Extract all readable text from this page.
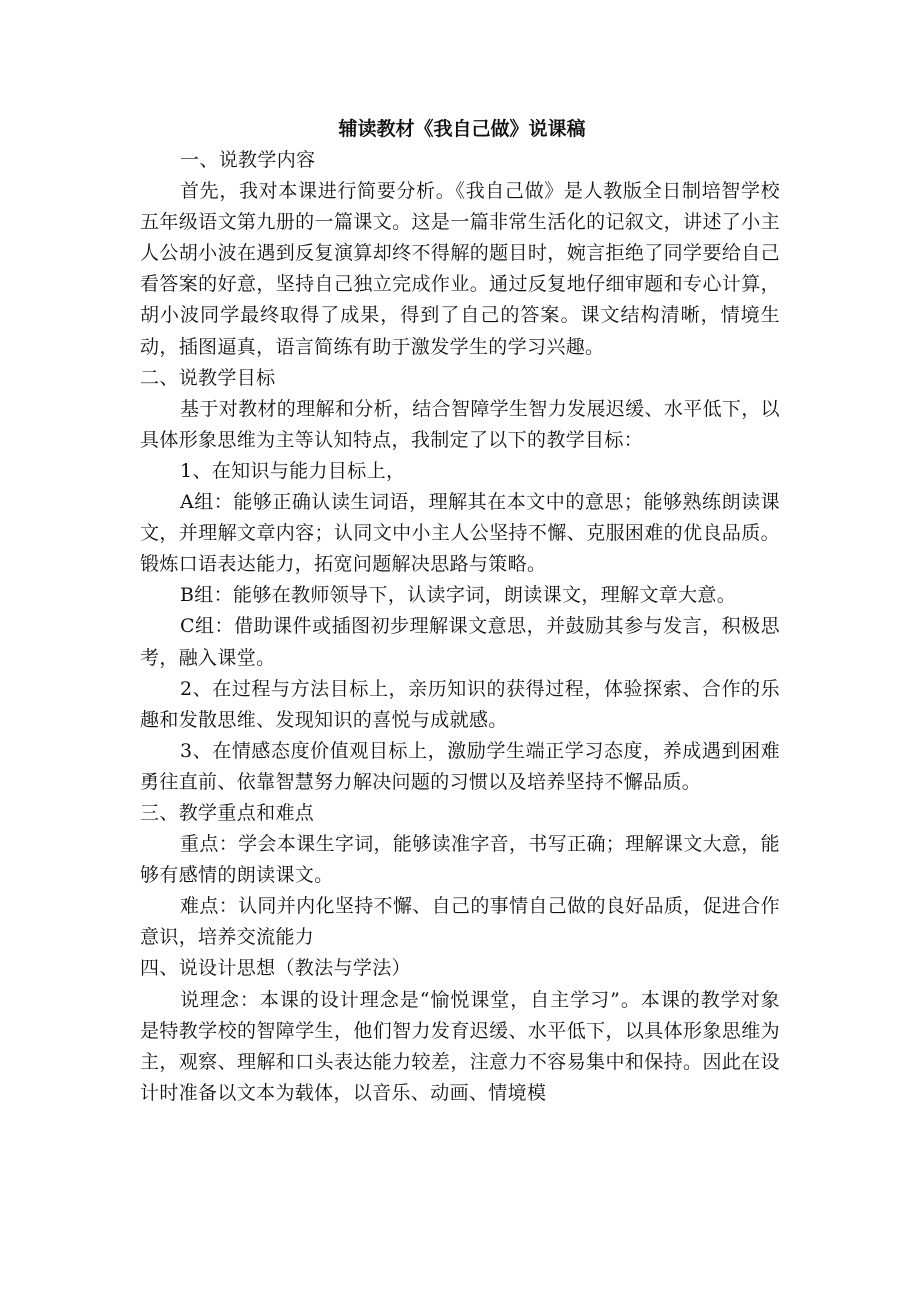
辅读教材《我自己做》说课稿

一、说教学内容

首先，我对本课进行简要分析。《我自己做》是人教版全日制培智学校五年级语文第九册的一篇课文。这是一篇非常生活化的记叙文，讲述了小主人公胡小波在遇到反复演算却终不得解的题目时，婉言拒绝了同学要给自己看答案的好意，坚持自己独立完成作业。通过反复地仔细审题和专心计算，胡小波同学最终取得了成果，得到了自己的答案。课文结构清晰，情境生动，插图逼真，语言简练有助于激发学生的学习兴趣。

二、说教学目标

基于对教材的理解和分析，结合智障学生智力发展迟缓、水平低下，以具体形象思维为主等认知特点，我制定了以下的教学目标：

1、在知识与能力目标上，

A组：能够正确认读生词语，理解其在本文中的意思；能够熟练朗读课文，并理解文章内容；认同文中小主人公坚持不懈、克服困难的优良品质。锻炼口语表达能力，拓宽问题解决思路与策略。

B组：能够在教师领导下，认读字词，朗读课文，理解文章大意。

C组：借助课件或插图初步理解课文意思，并鼓励其参与发言，积极思考，融入课堂。

2、在过程与方法目标上，亲历知识的获得过程，体验探索、合作的乐趣和发散思维、发现知识的喜悦与成就感。

3、在情感态度价值观目标上，激励学生端正学习态度，养成遇到困难勇往直前、依靠智慧努力解决问题的习惯以及培养坚持不懈品质。

三、教学重点和难点

重点：学会本课生字词，能够读准字音，书写正确；理解课文大意，能够有感情的朗读课文。

难点：认同并内化坚持不懈、自己的事情自己做的良好品质，促进合作意识，培养交流能力

四、说设计思想（教法与学法）

说理念：本课的设计理念是“愉悦课堂，自主学习”。本课的教学对象是特教学校的智障学生，他们智力发育迟缓、水平低下，以具体形象思维为主，观察、理解和口头表达能力较差，注意力不容易集中和保持。因此在设计时准备以文本为载体，以音乐、动画、情境模
